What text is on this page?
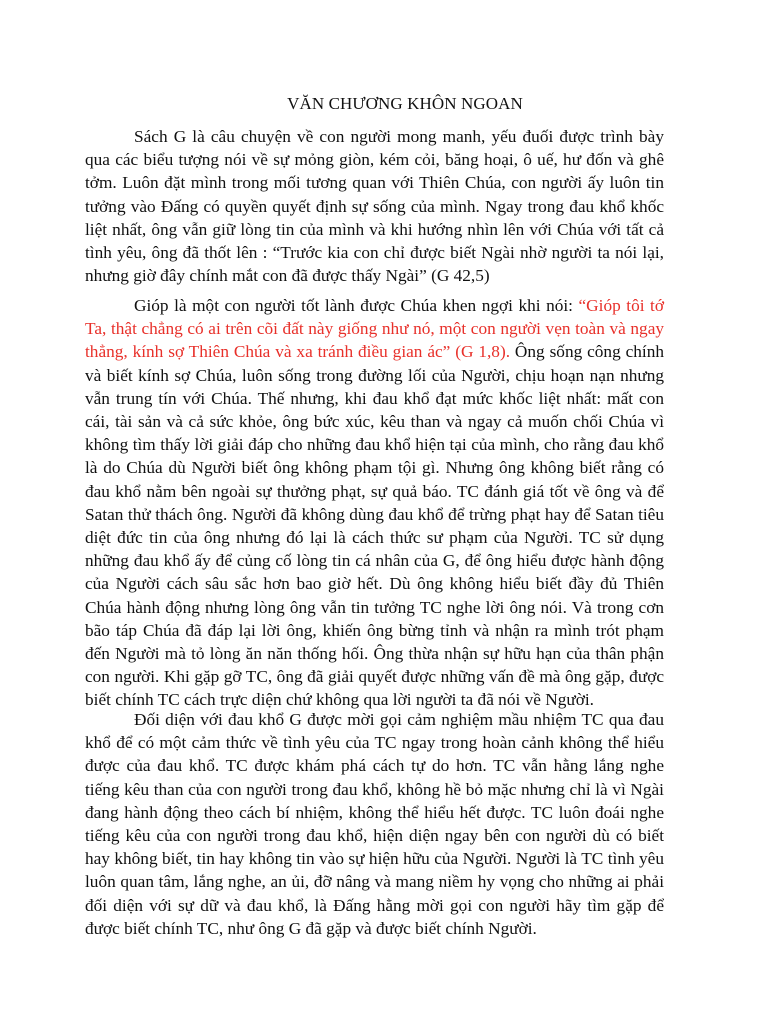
VĂN CHƯƠNG KHÔN NGOAN

Sách G là câu chuyện về con người mong manh, yếu đuối được trình bày qua các biểu tượng nói về sự mỏng giòn, kém cỏi, băng hoại, ô uế, hư đốn và ghê tởm. Luôn đặt mình trong mối tương quan với Thiên Chúa, con người ấy luôn tin tưởng vào Đấng có quyền quyết định sự sống của mình. Ngay trong đau khổ khốc liệt nhất, ông vẫn giữ lòng tin của mình và khi hướng nhìn lên với Chúa với tất cả tình yêu, ông đã thốt lên : “Trước kia con chỉ được biết Ngài nhờ người ta nói lại, nhưng giờ đây chính mắt con đã được thấy Ngài” (G 42,5)

Gióp là một con người tốt lành được Chúa khen ngợi khi nói: “Gióp tôi tớ Ta, thật chẳng có ai trên cõi đất này giống như nó, một con người vẹn toàn và ngay thẳng, kính sợ Thiên Chúa và xa tránh điều gian ác” (G 1,8). Ông sống công chính và biết kính sợ Chúa, luôn sống trong đường lối của Người, chịu hoạn nạn nhưng vẫn trung tín với Chúa. Thế nhưng, khi đau khổ đạt mức khốc liệt nhất: mất con cái, tài sản và cả sức khỏe, ông bức xúc, kêu than và ngay cả muốn chối Chúa vì không tìm thấy lời giải đáp cho những đau khổ hiện tại của mình, cho rằng đau khổ là do Chúa dù Người biết ông không phạm tội gì. Nhưng ông không biết rằng có đau khổ nằm bên ngoài sự thưởng phạt, sự quả báo. TC đánh giá tốt về ông và để Satan thử thách ông. Người đã không dùng đau khổ để trừng phạt hay để Satan tiêu diệt đức tin của ông nhưng đó lại là cách thức sư phạm của Người. TC sử dụng những đau khổ ấy để củng cố lòng tin cá nhân của G, để ông hiểu được hành động của Người cách sâu sắc hơn bao giờ hết. Dù ông không hiểu biết đầy đủ Thiên Chúa hành động nhưng lòng ông vẫn tin tưởng TC nghe lời ông nói. Và trong cơn bão táp Chúa đã đáp lại lời ông, khiến ông bừng tỉnh và nhận ra mình trót phạm đến Người mà tỏ lòng ăn năn thống hối. Ông thừa nhận sự hữu hạn của thân phận con người. Khi gặp gỡ TC, ông đã giải quyết được những vấn đề mà ông gặp, được biết chính TC cách trực diện chứ không qua lời người ta đã nói về Người.

Đối diện với đau khổ G được mời gọi cảm nghiệm mầu nhiệm TC qua đau khổ để có một cảm thức về tình yêu của TC ngay trong hoàn cảnh không thể hiểu được của đau khổ. TC được khám phá cách tự do hơn. TC vẫn hằng lắng nghe tiếng kêu than của con người trong đau khổ, không hề bỏ mặc nhưng chỉ là vì Ngài đang hành động theo cách bí nhiệm, không thể hiểu hết được. TC luôn đoái nghe tiếng kêu của con người trong đau khổ, hiện diện ngay bên con người dù có biết hay không biết, tin hay không tin vào sự hiện hữu của Người. Người là TC tình yêu luôn quan tâm, lắng nghe, an ủi, đỡ nâng và mang niềm hy vọng cho những ai phải đối diện với sự dữ và đau khổ, là Đấng hằng mời gọi con người hãy tìm gặp để được biết chính TC, như ông G đã gặp và được biết chính Người.
